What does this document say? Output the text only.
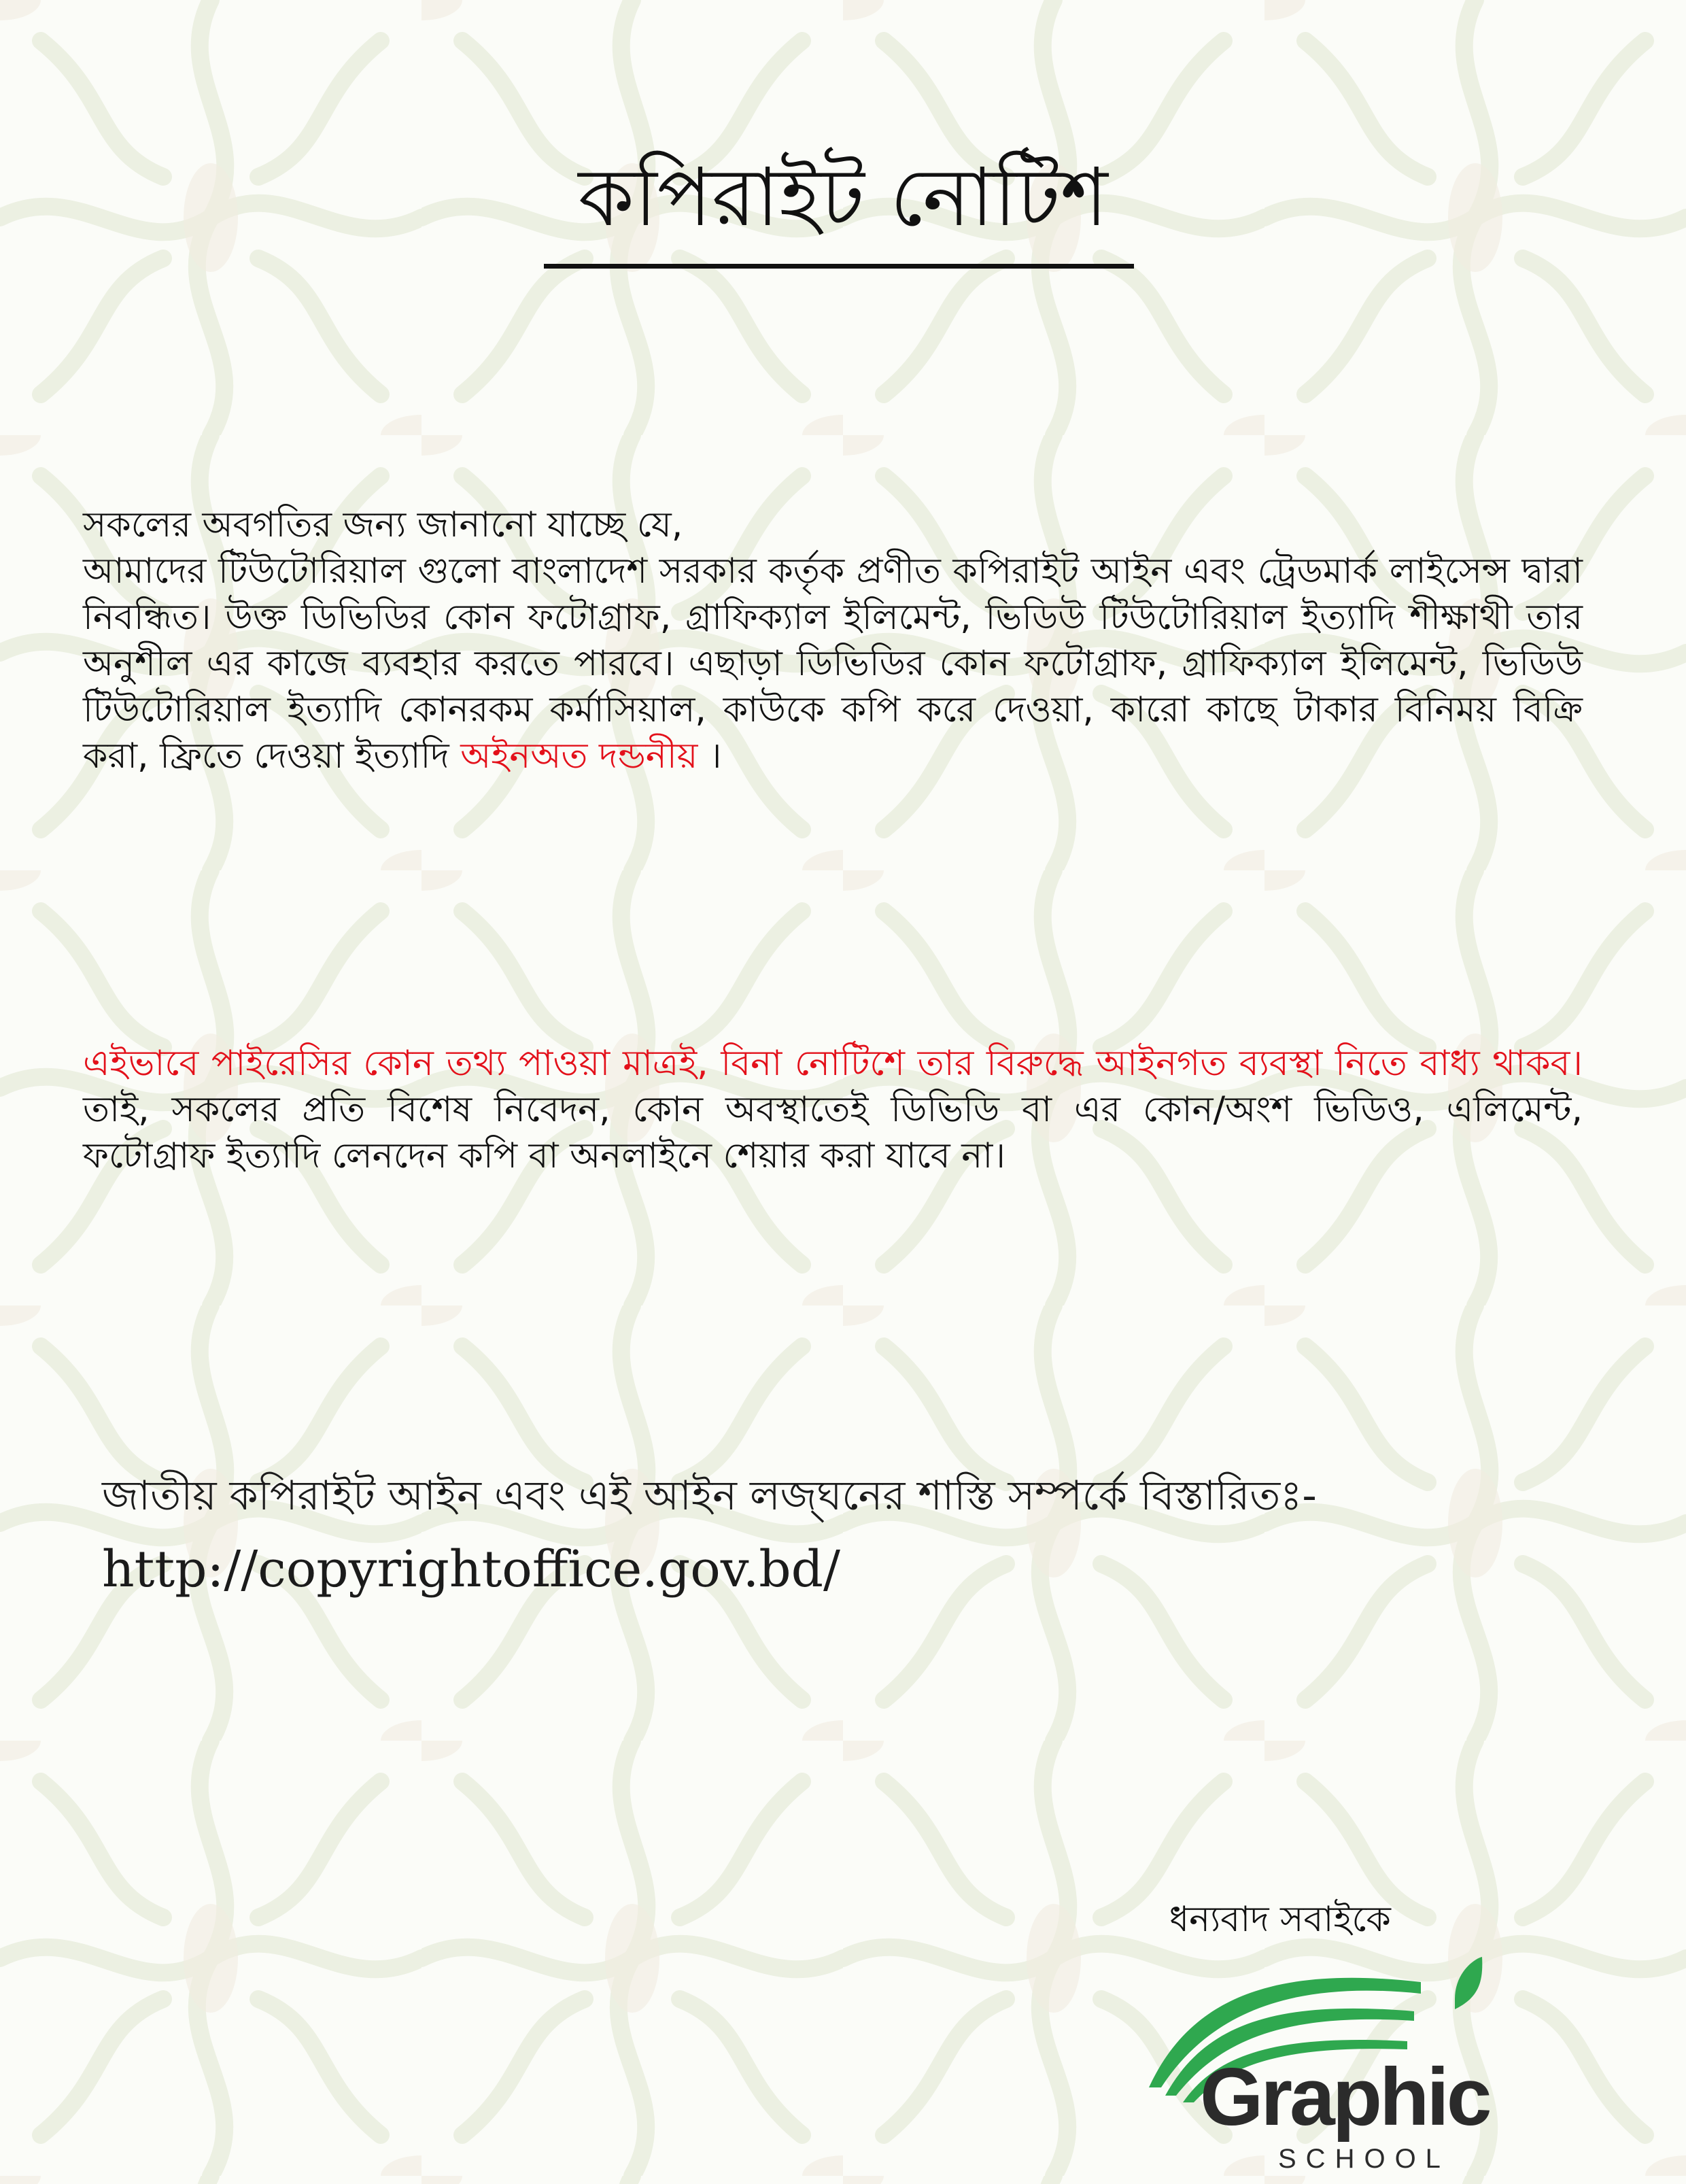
কপিরাইট নোটিশ
সকলের অবগতির জন্য জানানো যাচ্ছে যে,
আমাদের টিউটোরিয়াল গুলো বাংলাদেশ সরকার কর্তৃক প্রণীত কপিরাইট আইন এবং ট্রেডমার্ক লাইসেন্স দ্বারা নিবন্ধিত। উক্ত ডিভিডির কোন ফটোগ্রাফ, গ্রাফিক্যাল ইলিমেন্ট, ভিডিউ টিউটোরিয়াল ইত্যাদি শীক্ষাথী তার অনুশীল এর কাজে ব্যবহার করতে পারবে। এছাড়া ডিভিডির কোন ফটোগ্রাফ, গ্রাফিক্যাল ইলিমেন্ট, ভিডিউ টিউটোরিয়াল ইত্যাদি কোনরকম কর্মাসিয়াল, কাউকে কপি করে দেওয়া, কারো কাছে টাকার বিনিময় বিক্রি করা, ফ্রিতে দেওয়া ইত্যাদি অইনঅত দন্ডনীয় ।
এইভাবে পাইরেসির কোন তথ্য পাওয়া মাত্রই, বিনা নোটিশে তার বিরুদ্ধে আইনগত ব্যবস্থা নিতে বাধ্য থাকব। তাই, সকলের প্রতি বিশেষ নিবেদন, কোন অবস্থাতেই ডিভিডি বা এর কোন/অংশ ভিডিও, এলিমেন্ট, ফটোগ্রাফ ইত্যাদি লেনদেন কপি বা অনলাইনে শেয়ার করা যাবে না।
জাতীয় কপিরাইট আইন এবং এই আইন লজ্ঘনের শাস্তি সম্পর্কে বিস্তারিতঃ-
http://copyrightoffice.gov.bd/
ধন্যবাদ সবাইকে
Graphic
SCHOOL
